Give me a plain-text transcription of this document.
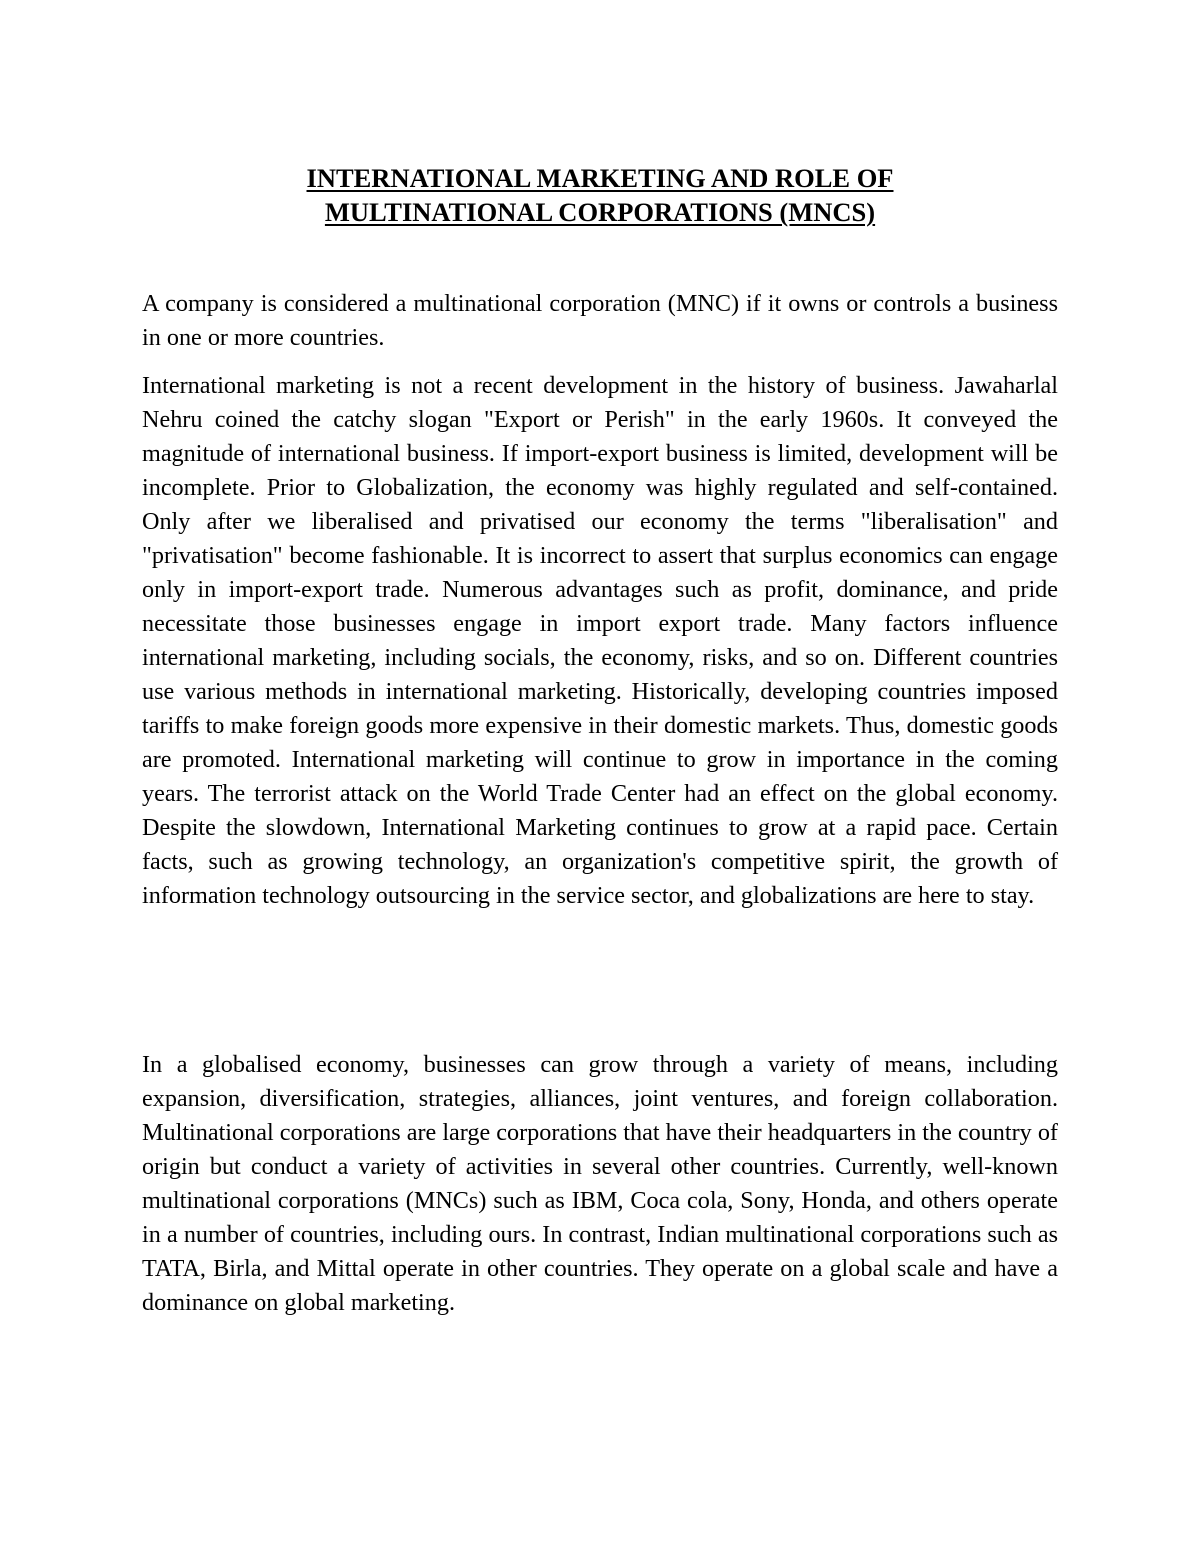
INTERNATIONAL MARKETING AND ROLE OF
MULTINATIONAL CORPORATIONS (MNCS)

A company is considered a multinational corporation (MNC) if it owns or controls a business in one or more countries.

International marketing is not a recent development in the history of business. Jawaharlal Nehru coined the catchy slogan "Export or Perish" in the early 1960s. It conveyed the magnitude of international business. If import-export business is limited, development will be incomplete. Prior to Globalization, the economy was highly regulated and self-contained. Only after we liberalised and privatised our economy the terms "liberalisation" and "privatisation" become fashionable. It is incorrect to assert that surplus economics can engage only in import-export trade. Numerous advantages such as profit, dominance, and pride necessitate those businesses engage in import export trade. Many factors influence international marketing, including socials, the economy, risks, and so on. Different countries use various methods in international marketing. Historically, developing countries imposed tariffs to make foreign goods more expensive in their domestic markets. Thus, domestic goods are promoted. International marketing will continue to grow in importance in the coming years. The terrorist attack on the World Trade Center had an effect on the global economy. Despite the slowdown, International Marketing continues to grow at a rapid pace. Certain facts, such as growing technology, an organization's competitive spirit, the growth of information technology outsourcing in the service sector, and globalizations are here to stay.

In a globalised economy, businesses can grow through a variety of means, including expansion, diversification, strategies, alliances, joint ventures, and foreign collaboration. Multinational corporations are large corporations that have their headquarters in the country of origin but conduct a variety of activities in several other countries. Currently, well-known multinational corporations (MNCs) such as IBM, Coca cola, Sony, Honda, and others operate in a number of countries, including ours. In contrast, Indian multinational corporations such as TATA, Birla, and Mittal operate in other countries. They operate on a global scale and have a dominance on global marketing.
